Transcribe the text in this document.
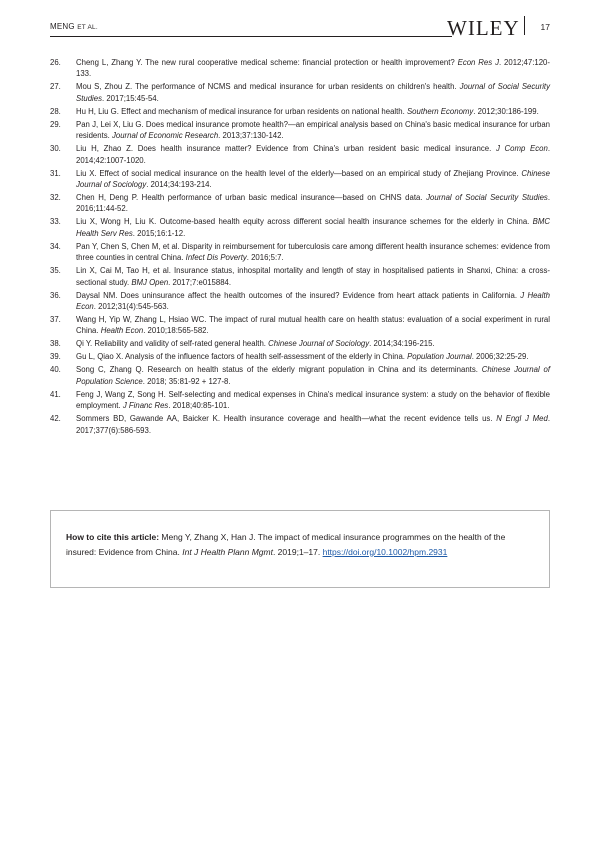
MENG ET AL.	WILEY 17
26.	Cheng L, Zhang Y. The new rural cooperative medical scheme: financial protection or health improvement? Econ Res J. 2012;47:120-133.
27.	Mou S, Zhou Z. The performance of NCMS and medical insurance for urban residents on children's health. Journal of Social Security Studies. 2017;15:45-54.
28.	Hu H, Liu G. Effect and mechanism of medical insurance for urban residents on national health. Southern Economy. 2012;30:186-199.
29.	Pan J, Lei X, Liu G. Does medical insurance promote health?—an empirical analysis based on China's basic medical insurance for urban residents. Journal of Economic Research. 2013;37:130-142.
30.	Liu H, Zhao Z. Does health insurance matter? Evidence from China's urban resident basic medical insurance. J Comp Econ. 2014;42:1007-1020.
31.	Liu X. Effect of social medical insurance on the health level of the elderly—based on an empirical study of Zhejiang Province. Chinese Journal of Sociology. 2014;34:193-214.
32.	Chen H, Deng P. Health performance of urban basic medical insurance—based on CHNS data. Journal of Social Security Studies. 2016;11:44-52.
33.	Liu X, Wong H, Liu K. Outcome-based health equity across different social health insurance schemes for the elderly in China. BMC Health Serv Res. 2015;16:1-12.
34.	Pan Y, Chen S, Chen M, et al. Disparity in reimbursement for tuberculosis care among different health insurance schemes: evidence from three counties in central China. Infect Dis Poverty. 2016;5:7.
35.	Lin X, Cai M, Tao H, et al. Insurance status, inhospital mortality and length of stay in hospitalised patients in Shanxi, China: a cross-sectional study. BMJ Open. 2017;7:e015884.
36.	Daysal NM. Does uninsurance affect the health outcomes of the insured? Evidence from heart attack patients in California. J Health Econ. 2012;31(4):545-563.
37.	Wang H, Yip W, Zhang L, Hsiao WC. The impact of rural mutual health care on health status: evaluation of a social experiment in rural China. Health Econ. 2010;18:565-582.
38.	Qi Y. Reliability and validity of self-rated general health. Chinese Journal of Sociology. 2014;34:196-215.
39.	Gu L, Qiao X. Analysis of the influence factors of health self-assessment of the elderly in China. Population Journal. 2006;32:25-29.
40.	Song C, Zhang Q. Research on health status of the elderly migrant population in China and its determinants. Chinese Journal of Population Science. 2018; 35:81-92 + 127-8.
41.	Feng J, Wang Z, Song H. Self-selecting and medical expenses in China's medical insurance system: a study on the behavior of flexible employment. J Financ Res. 2018;40:85-101.
42.	Sommers BD, Gawande AA, Baicker K. Health insurance coverage and health—what the recent evidence tells us. N Engl J Med. 2017;377(6):586-593.
How to cite this article: Meng Y, Zhang X, Han J. The impact of medical insurance programmes on the health of the insured: Evidence from China. Int J Health Plann Mgmt. 2019;1–17. https://doi.org/10.1002/hpm.2931
